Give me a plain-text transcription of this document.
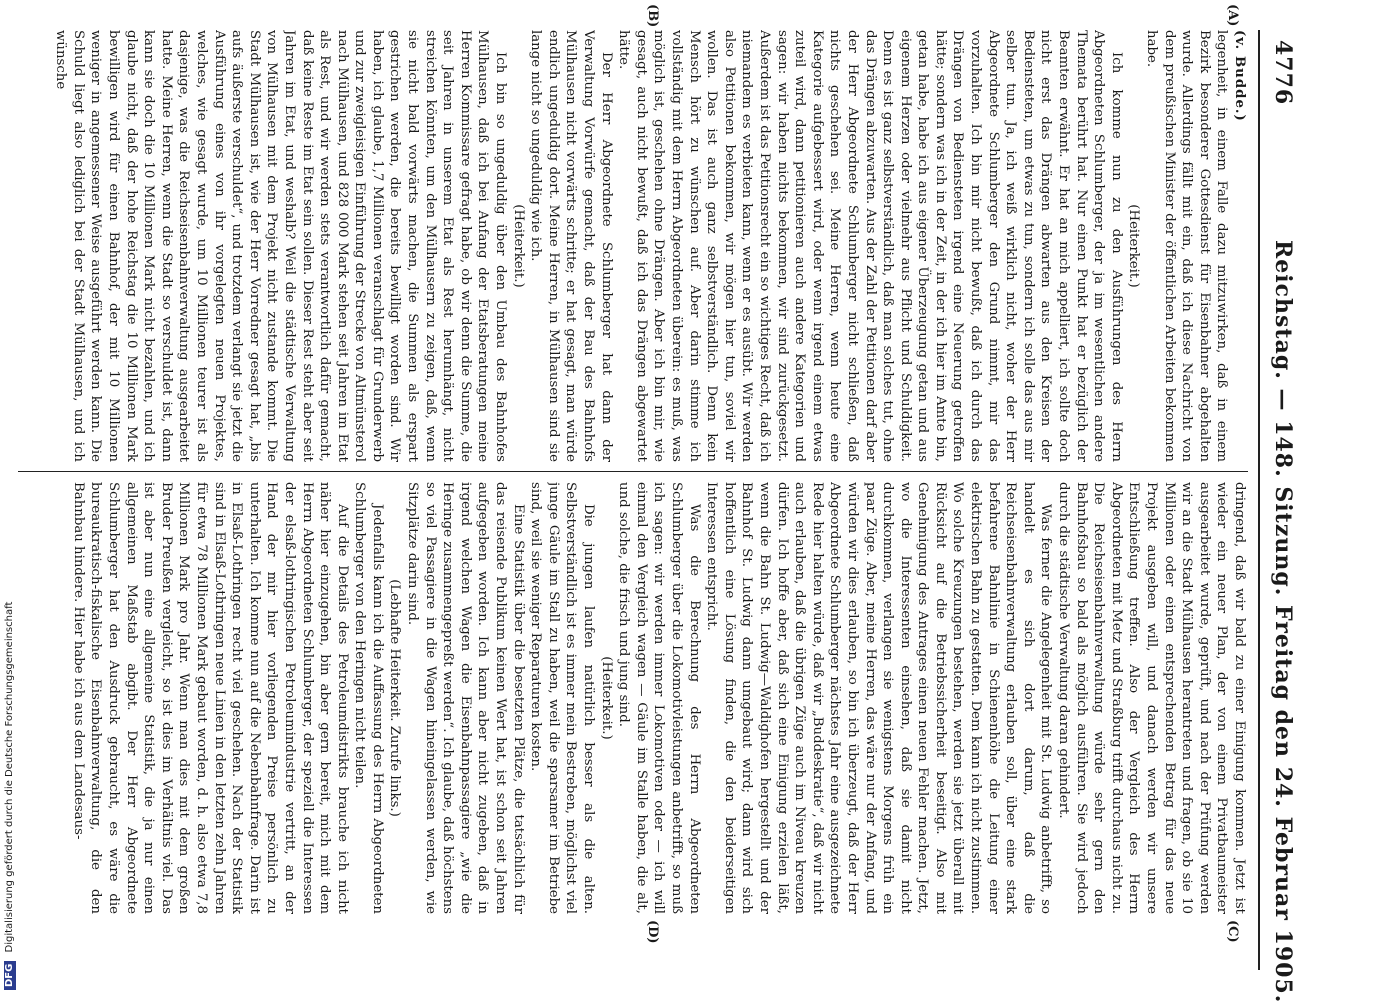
DFG Digitalisierung gefördert durch die Deutsche Forschungsgemeinschaft
4776
Reichstag. — 148. Sitzung. Freitag den 24. Februar 1905.
(A)
(B)
(C)
(D)

(v. Budde.)

legenheit, in einem Falle dazu mitzuwirken, daß in einem Bezirk besonderer Gottesdienst für Eisenbahner abgehalten wurde. Allerdings fällt mit ein, daß ich diese Nachricht von dem preußischen Minister der öffentlichen Arbeiten bekommen habe.

(Heiterkeit.)

Ich komme nun zu den Ausführungen des Herrn Abgeordneten Schlumberger, der ja im wesentlichen andere Themata berührt hat. Nur einen Punkt hat er bezüglich der Beamten erwähnt. Er hat an mich appelliert, ich sollte doch nicht erst das Drängen abwarten aus den Kreisen der Bediensteten, um etwas zu tun, sondern ich solle das aus mir selber tun. Ja, ich weiß wirklich nicht, woher der Herr Abgeordnete Schlumberger den Grund nimmt, mir das vorzuhalten. Ich bin mir nicht bewußt, daß ich durch das Drängen von Bediensteten irgend eine Neuerung getroffen hätte; sondern was ich in der Zeit, in der ich hier im Amte bin, getan habe, habe ich aus eigener Überzeugung getan und aus eigenem Herzen oder vielmehr aus Pflicht und Schuldigkeit. Denn es ist ganz selbstverständlich, daß man solches tut, ohne das Drängen abzuwarten. Aus der Zahl der Petitionen darf aber der Herr Abgeordnete Schlumberger nicht schließen, daß nichts geschehen sei. Meine Herren, wenn heute eine Kategorie aufgebessert wird, oder wenn irgend einem etwas zuteil wird, dann petitionieren auch andere Kategorien und sagen: wir haben nichts bekommen, wir sind zurückgesetzt. Außerdem ist das Petitionsrecht ein so wichtiges Recht, daß ich niemandem es verbieten kann, wenn er es ausübt. Wir werden also Petitionen bekommen, wir mögen hier tun, soviel wir wollen. Das ist auch ganz selbstverständlich. Denn kein Mensch hört zu wünschen auf. Aber darin stimme ich vollständig mit dem Herrn Abgeordneten überein: es muß, was möglich ist, geschehen ohne Drängen. Aber ich bin mir, wie gesagt, auch nicht bewußt, daß ich das Drängen abgewartet hätte.

Der Herr Abgeordnete Schlumberger hat dann der Verwaltung Vorwürfe gemacht, daß der Bau des Bahnhofs Mülhausen nicht vorwärts schritte; er hat gesagt, man würde endlich ungeduldig dort. Meine Herren, in Mülhausen sind sie lange nicht so ungeduldig wie ich.

(Heiterkeit.)

Ich bin so ungeduldig über den Umbau des Bahnhofes Mülhausen, daß ich bei Anfang der Etatsberatungen meine Herren Kommissare gefragt habe, ob wir denn die Summe, die seit Jahren in unserem Etat als Rest herumhängt, nicht streichen könnten, um den Mülhausern zu zeigen, daß, wenn sie nicht bald vorwärts machen, die Summen als erspart gestrichen werden, die bereits bewilligt worden sind. Wir haben, ich glaube, 1,7 Millionen veranschlagt für Grunderwerb und zur zweigleisigen Einführung der Strecke von Altmünsterol nach Mülhausen, und 828 000 Mark stehen seit Jahren im Etat als Rest, und wir werden stets verantwortlich dafür gemacht, daß keine Reste im Etat sein sollen. Dieser Rest steht aber seit Jahren im Etat, und weshalb? Weil die städtische Verwaltung von Mülhausen mit dem Projekt nicht zustande kommt. Die Stadt Mülhausen ist, wie der Herr Vorredner gesagt hat, „bis aufs äußerste verschuldet“, und trotzdem verlangt sie jetzt die Ausführung eines von ihr vorgelegten neuen Projektes, welches, wie gesagt wurde, um 10 Millionen teurer ist als dasjenige, was die Reichseisenbahnverwaltung ausgearbeitet hatte. Meine Herren, wenn die Stadt so verschuldet ist, dann kann sie doch die 10 Millionen Mark nicht bezahlen, und ich glaube nicht, daß der hohe Reichstag die 10 Millionen Mark bewilligen wird für einen Bahnhof, der mit 10 Millionen weniger in angemessener Weise ausgeführt werden kann. Die Schuld liegt also lediglich bei der Stadt Mülhausen, und ich wünsche

dringend, daß wir bald zu einer Einigung kommen. Jetzt ist wieder ein neuer Plan, der von einem Privatbaumeister ausgearbeitet wurde, geprüft, und nach der Prüfung werden wir an die Stadt Mülhausen herantreten und fragen, ob sie 10 Millionen oder einen entsprechenden Betrag für das neue Projekt ausgeben will, und danach werden wir unsere Entschließung treffen. Also der Vergleich des Herrn Abgeordneten mit Metz und Straßburg trifft durchaus nicht zu. Die Reichseisenbahnverwaltung würde sehr gern den Bahnhofsbau so bald als möglich ausführen. Sie wird jedoch durch die städtische Verwaltung daran gehindert.

Was ferner die Angelegenheit mit St. Ludwig anbetrifft, so handelt es sich dort darum, daß die Reichseisenbahnverwaltung erlauben soll, über eine stark befahrene Bahnlinie in Schienenhöhe die Leitung einer elektrischen Bahn zu gestatten. Dem kann ich nicht zustimmen. Wo solche Kreuzungen bestehen, werden sie jetzt überall mit Rücksicht auf die Betriebssicherheit beseitigt. Also mit Genehmigung des Antrages einen neuen Fehler machen. Jetzt, wo die Interessenten einsehen, daß sie damit nicht durchkommen, verlangen sie wenigstens Morgens früh ein paar Züge. Aber, meine Herren, das wäre nur der Anfang, und würden wir dies erlauben, so bin ich überzeugt, daß der Herr Abgeordnete Schlumberger nächstes Jahr eine ausgezeichnete Rede hier halten würde, daß wir „Buddeskratie“, daß wir nicht auch erlauben, daß die übrigen Züge auch im Niveau kreuzen dürfen. Ich hoffe aber, daß sich eine Einigung erzielen läßt, wenn die Bahn St. Ludwig—Waldighofen hergestellt und der Bahnhof St. Ludwig dann umgebaut wird; dann wird sich hoffentlich eine Lösung finden, die den beiderseitigen Interessen entspricht.

Was die Berechnung des Herrn Abgeordneten Schlumberger über die Lokomotivleistungen anbetrifft, so muß ich sagen: wir werden immer Lokomotiven oder — ich will einmal den Vergleich wagen — Gäule im Stalle haben, die alt, und solche, die frisch und jung sind.

(Heiterkeit.)

Die jungen laufen natürlich besser als die alten. Selbstverständlich ist es immer mein Bestreben, möglichst viel junge Gäule im Stall zu haben, weil die sparsamer im Betriebe sind, weil sie weniger Reparaturen kosten.

Eine Statistik über die besetzten Plätze, die tatsächlich für das reisende Publikum keinen Wert hat, ist schon seit Jahren aufgegeben worden. Ich kann aber nicht zugeben, daß in irgend welchen Wagen die Eisenbahnpassagiere „wie die Heringe zusammengepreßt werden“. Ich glaube, daß höchstens so viel Passagiere in die Wagen hineingelassen werden, wie Sitzplätze darin sind.

(Lebhafte Heiterkeit. Zurufe links.)

Jedenfalls kann ich die Auffassung des Herrn Abgeordneten Schlumberger von den Heringen nicht teilen.

Auf die Details des Petroleumdistrikts brauche ich nicht näher hier einzugehen, bin aber gern bereit, mich mit dem Herrn Abgeordneten Schlumberger, der speziell die Interessen der elsaß-lothringischen Petroleumindustrie vertritt, an der Hand der mir hier vorliegenden Preise persönlich zu unterhalten. Ich komme nun auf die Nebenbahnfrage. Darin ist in Elsaß-Lothringen recht viel geschehen. Nach der Statistik sind in Elsaß-Lothringen neue Linien in den letzten zehn Jahren für etwa 78 Millionen Mark gebaut worden, d. h. also etwa 7,8 Millionen Mark pro Jahr. Wenn man dies mit dem großen Bruder Preußen vergleicht, so ist dies im Verhältnis viel. Das ist aber nun eine allgemeine Statistik, die ja nur einen allgemeinen Maßstab abgibt. Der Herr Abgeordnete Schlumberger hat den Ausdruck gebraucht, es wäre die bureaukratisch-fiskalische Eisenbahnverwaltung, die den Bahnbau hindere. Hier habe ich aus dem Landesaus-
